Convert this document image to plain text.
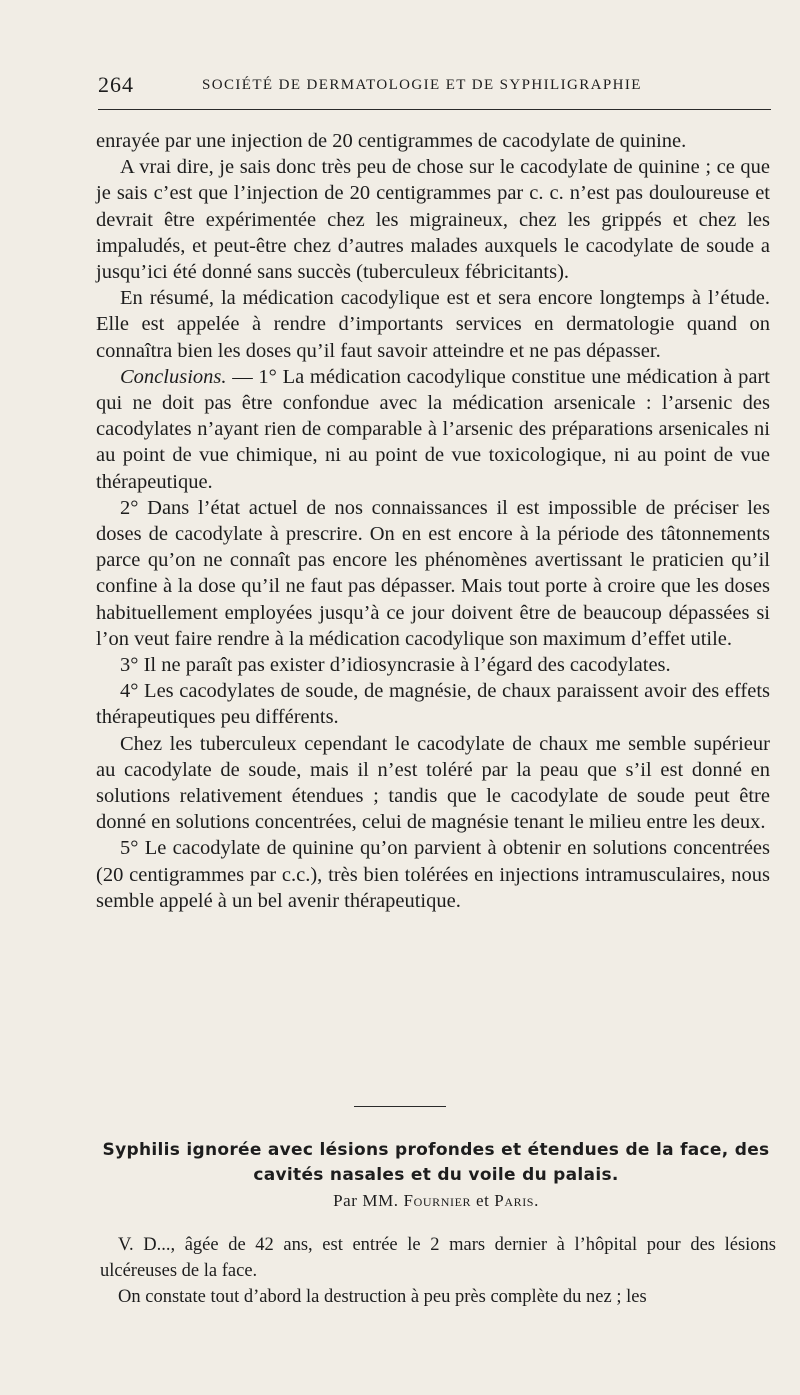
264	SOCIÉTÉ DE DERMATOLOGIE ET DE SYPHILIGRAPHIE

enrayée par une injection de 20 centigrammes de cacodylate de quinine.

A vrai dire, je sais donc très peu de chose sur le cacodylate de quinine ; ce que je sais c’est que l’injection de 20 centigrammes par c. c. n’est pas douloureuse et devrait être expérimentée chez les migraineux, chez les grippés et chez les impaludés, et peut-être chez d’autres malades auxquels le cacodylate de soude a jusqu’ici été donné sans succès (tuberculeux fébricitants).

En résumé, la médication cacodylique est et sera encore longtemps à l’étude. Elle est appelée à rendre d’importants services en dermatologie quand on connaîtra bien les doses qu’il faut savoir atteindre et ne pas dépasser.

Conclusions. — 1° La médication cacodylique constitue une médication à part qui ne doit pas être confondue avec la médication arsenicale : l’arsenic des cacodylates n’ayant rien de comparable à l’arsenic des préparations arsenicales ni au point de vue chimique, ni au point de vue toxicologique, ni au point de vue thérapeutique.

2° Dans l’état actuel de nos connaissances il est impossible de préciser les doses de cacodylate à prescrire. On en est encore à la période des tâtonnements parce qu’on ne connaît pas encore les phénomènes avertissant le praticien qu’il confine à la dose qu’il ne faut pas dépasser. Mais tout porte à croire que les doses habituellement employées jusqu’à ce jour doivent être de beaucoup dépassées si l’on veut faire rendre à la médication cacodylique son maximum d’effet utile.

3° Il ne paraît pas exister d’idiosyncrasie à l’égard des cacodylates.

4° Les cacodylates de soude, de magnésie, de chaux paraissent avoir des effets thérapeutiques peu différents.

Chez les tuberculeux cependant le cacodylate de chaux me semble supérieur au cacodylate de soude, mais il n’est toléré par la peau que s’il est donné en solutions relativement étendues ; tandis que le cacodylate de soude peut être donné en solutions concentrées, celui de magnésie tenant le milieu entre les deux.

5° Le cacodylate de quinine qu’on parvient à obtenir en solutions concentrées (20 centigrammes par c.c.), très bien tolérées en injections intramusculaires, nous semble appelé à un bel avenir thérapeutique.

Syphilis ignorée avec lésions profondes et étendues de la face, des cavités nasales et du voile du palais.
Par MM. Fournier et Paris.

V. D..., âgée de 42 ans, est entrée le 2 mars dernier à l’hôpital pour des lésions ulcéreuses de la face.

On constate tout d’abord la destruction à peu près complète du nez ; les
